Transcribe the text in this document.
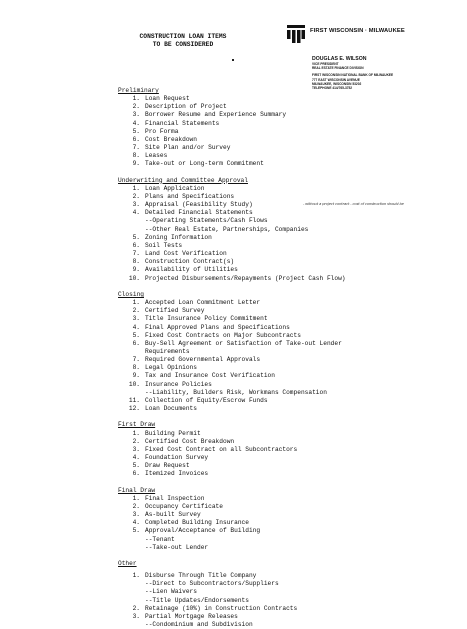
CONSTRUCTION LOAN ITEMS
TO BE CONSIDERED
FIRST WISCONSIN · MILWAUKEE
DOUGLAS E. WILSON
VICE PRESIDENT
REAL ESTATE FINANCE DIVISION
FIRST WISCONSIN NATIONAL BANK OF MILWAUKEE
777 EAST WISCONSIN AVENUE
MILWAUKEE, WISCONSIN 53202
TELEPHONE 414/765-3752
- without a project contract - cost of construction should be
Preliminary
1. Loan Request
2. Description of Project
3. Borrower Resume and Experience Summary
4. Financial Statements
5. Pro Forma
6. Cost Breakdown
7. Site Plan and/or Survey
8. Leases
9. Take-out or Long-term Commitment
Underwriting and Committee Approval
1. Loan Application
2. Plans and Specifications
3. Appraisal (Feasibility Study)
4. Detailed Financial Statements
--Operating Statements/Cash Flows
--Other Real Estate, Partnerships, Companies
5. Zoning Information
6. Soil Tests
7. Land Cost Verification
8. Construction Contract(s)
9. Availability of Utilities
10. Projected Disbursements/Repayments (Project Cash Flow)
Closing
1. Accepted Loan Commitment Letter
2. Certified Survey
3. Title Insurance Policy Commitment
4. Final Approved Plans and Specifications
5. Fixed Cost Contracts on Major Subcontracts
6. Buy-Sell Agreement or Satisfaction of Take-out Lender
Requirements
7. Required Governmental Approvals
8. Legal Opinions
9. Tax and Insurance Cost Verification
10. Insurance Policies
--Liability, Builders Risk, Workmans Compensation
11. Collection of Equity/Escrow Funds
12. Loan Documents
First Draw
1. Building Permit
2. Certified Cost Breakdown
3. Fixed Cost Contract on all Subcontractors
4. Foundation Survey
5. Draw Request
6. Itemized Invoices
Final Draw
1. Final Inspection
2. Occupancy Certificate
3. As-built Survey
4. Completed Building Insurance
5. Approval/Acceptance of Building
--Tenant
--Take-out Lender
Other
1. Disburse Through Title Company
--Direct to Subcontractors/Suppliers
--Lien Waivers
--Title Updates/Endorsements
2. Retainage (10%) in Construction Contracts
3. Partial Mortgage Releases
--Condominium and Subdivision
